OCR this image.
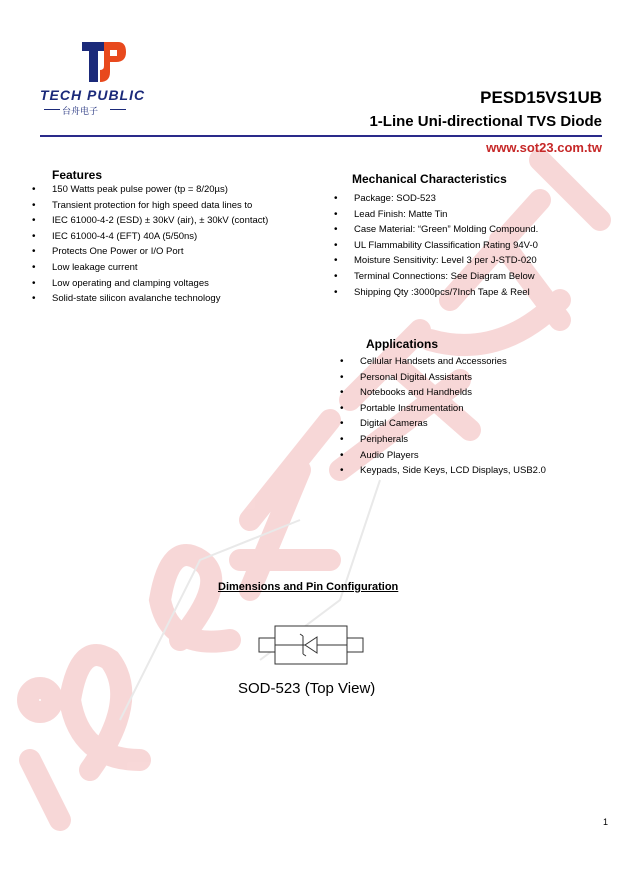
TECH PUBLIC
台舟电子
PESD15VS1UB
1-Line Uni-directional TVS Diode
www.sot23.com.tw
Features
• 150 Watts peak pulse power (tp = 8/20µs)
• Transient protection for high speed data lines to
• IEC 61000-4-2 (ESD) ± 30kV (air), ± 30kV (contact)
• IEC 61000-4-4 (EFT) 40A (5/50ns)
• Protects One Power or I/O Port
• Low leakage current
• Low operating and clamping voltages
• Solid-state silicon avalanche technology
Mechanical Characteristics
• Package: SOD-523
• Lead Finish: Matte Tin
• Case Material: “Green” Molding Compound.
• UL Flammability Classification Rating 94V-0
• Moisture Sensitivity: Level 3 per J-STD-020
• Terminal Connections: See Diagram Below
• Shipping Qty :3000pcs/7Inch Tape & Reel
Applications
• Cellular Handsets and Accessories
• Personal Digital Assistants
• Notebooks and Handhelds
• Portable Instrumentation
• Digital Cameras
• Peripherals
• Audio Players
• Keypads, Side Keys, LCD Displays, USB2.0
Dimensions and Pin Configuration
SOD-523 (Top View)
1
